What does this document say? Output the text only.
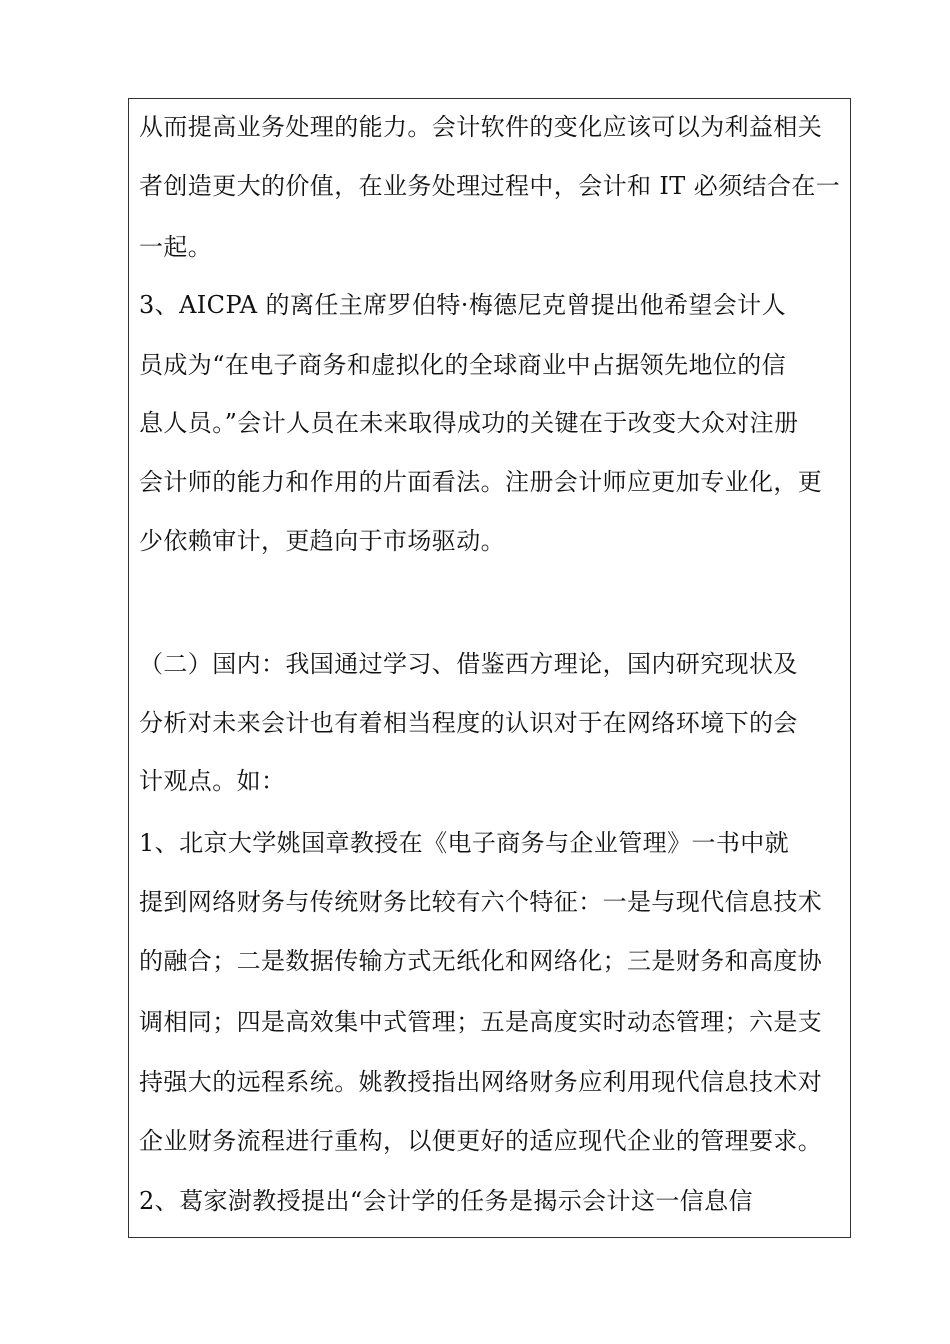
从而提高业务处理的能力。会计软件的变化应该可以为利益相关
者创造更大的价值，在业务处理过程中，会计和 IT 必须结合在一
一起。
3、AICPA 的离任主席罗伯特·梅德尼克曾提出他希望会计人
员成为“在电子商务和虚拟化的全球商业中占据领先地位的信
息人员。”会计人员在未来取得成功的关键在于改变大众对注册
会计师的能力和作用的片面看法。注册会计师应更加专业化，更
少依赖审计，更趋向于市场驱动。
（二）国内：我国通过学习、借鉴西方理论，国内研究现状及
分析对未来会计也有着相当程度的认识对于在网络环境下的会
计观点。如：
1、北京大学姚国章教授在《电子商务与企业管理》一书中就
提到网络财务与传统财务比较有六个特征：一是与现代信息技术
的融合；二是数据传输方式无纸化和网络化；三是财务和高度协
调相同；四是高效集中式管理；五是高度实时动态管理；六是支
持强大的远程系统。姚教授指出网络财务应利用现代信息技术对
企业财务流程进行重构，以便更好的适应现代企业的管理要求。
2、葛家澍教授提出“会计学的任务是揭示会计这一信息信
